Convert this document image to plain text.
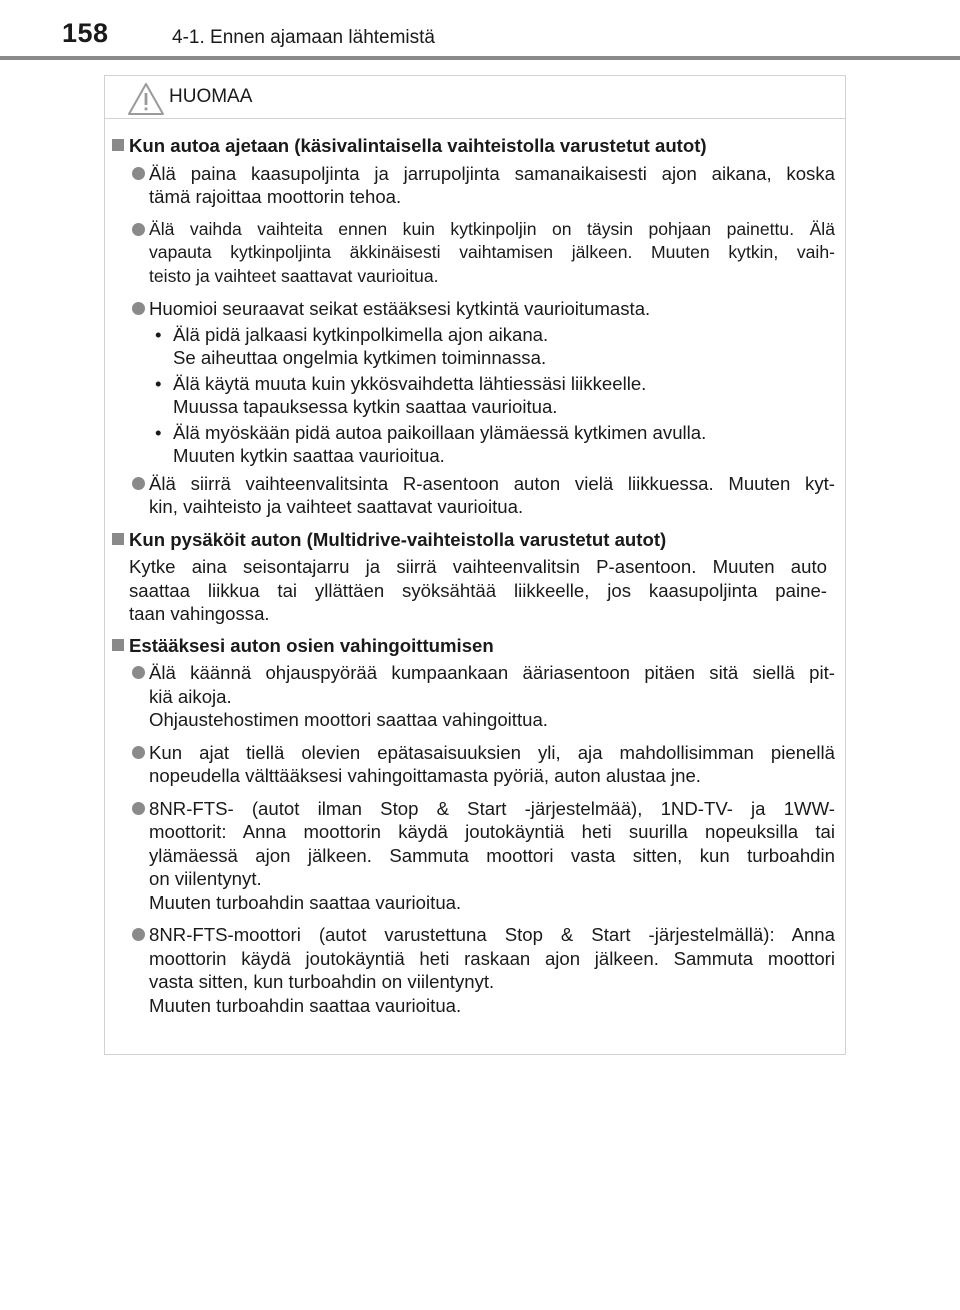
158	4-1. Ennen ajamaan lähtemistä
HUOMAA
Kun autoa ajetaan (käsivalintaisella vaihteistolla varustetut autot)
Älä paina kaasupoljinta ja jarrupoljinta samanaikaisesti ajon aikana, koska
tämä rajoittaa moottorin tehoa.
Älä vaihda vaihteita ennen kuin kytkinpoljin on täysin pohjaan painettu. Älä
vapauta kytkinpoljinta äkkinäisesti vaihtamisen jälkeen. Muuten kytkin, vaih-
teisto ja vaihteet saattavat vaurioitua.
Huomioi seuraavat seikat estääksesi kytkintä vaurioitumasta.
• Älä pidä jalkaasi kytkinpolkimella ajon aikana.
Se aiheuttaa ongelmia kytkimen toiminnassa.
• Älä käytä muuta kuin ykkösvaihdetta lähtiessäsi liikkeelle.
Muussa tapauksessa kytkin saattaa vaurioitua.
• Älä myöskään pidä autoa paikoillaan ylämäessä kytkimen avulla.
Muuten kytkin saattaa vaurioitua.
Älä siirrä vaihteenvalitsinta R-asentoon auton vielä liikkuessa. Muuten kyt-
kin, vaihteisto ja vaihteet saattavat vaurioitua.
Kun pysäköit auton (Multidrive-vaihteistolla varustetut autot)
Kytke aina seisontajarru ja siirrä vaihteenvalitsin P-asentoon. Muuten auto
saattaa liikkua tai yllättäen syöksähtää liikkeelle, jos kaasupoljinta paine-
taan vahingossa.
Estääksesi auton osien vahingoittumisen
Älä käännä ohjauspyörää kumpaankaan ääriasentoon pitäen sitä siellä pit-
kiä aikoja.
Ohjaustehostimen moottori saattaa vahingoittua.
Kun ajat tiellä olevien epätasaisuuksien yli, aja mahdollisimman pienellä
nopeudella välttääksesi vahingoittamasta pyöriä, auton alustaa jne.
8NR-FTS- (autot ilman Stop & Start -järjestelmää), 1ND-TV- ja 1WW-
moottorit: Anna moottorin käydä joutokäyntiä heti suurilla nopeuksilla tai
ylämäessä ajon jälkeen. Sammuta moottori vasta sitten, kun turboahdin
on viilentynyt.
Muuten turboahdin saattaa vaurioitua.
8NR-FTS-moottori (autot varustettuna Stop & Start -järjestelmällä): Anna
moottorin käydä joutokäyntiä heti raskaan ajon jälkeen. Sammuta moottori
vasta sitten, kun turboahdin on viilentynyt.
Muuten turboahdin saattaa vaurioitua.
